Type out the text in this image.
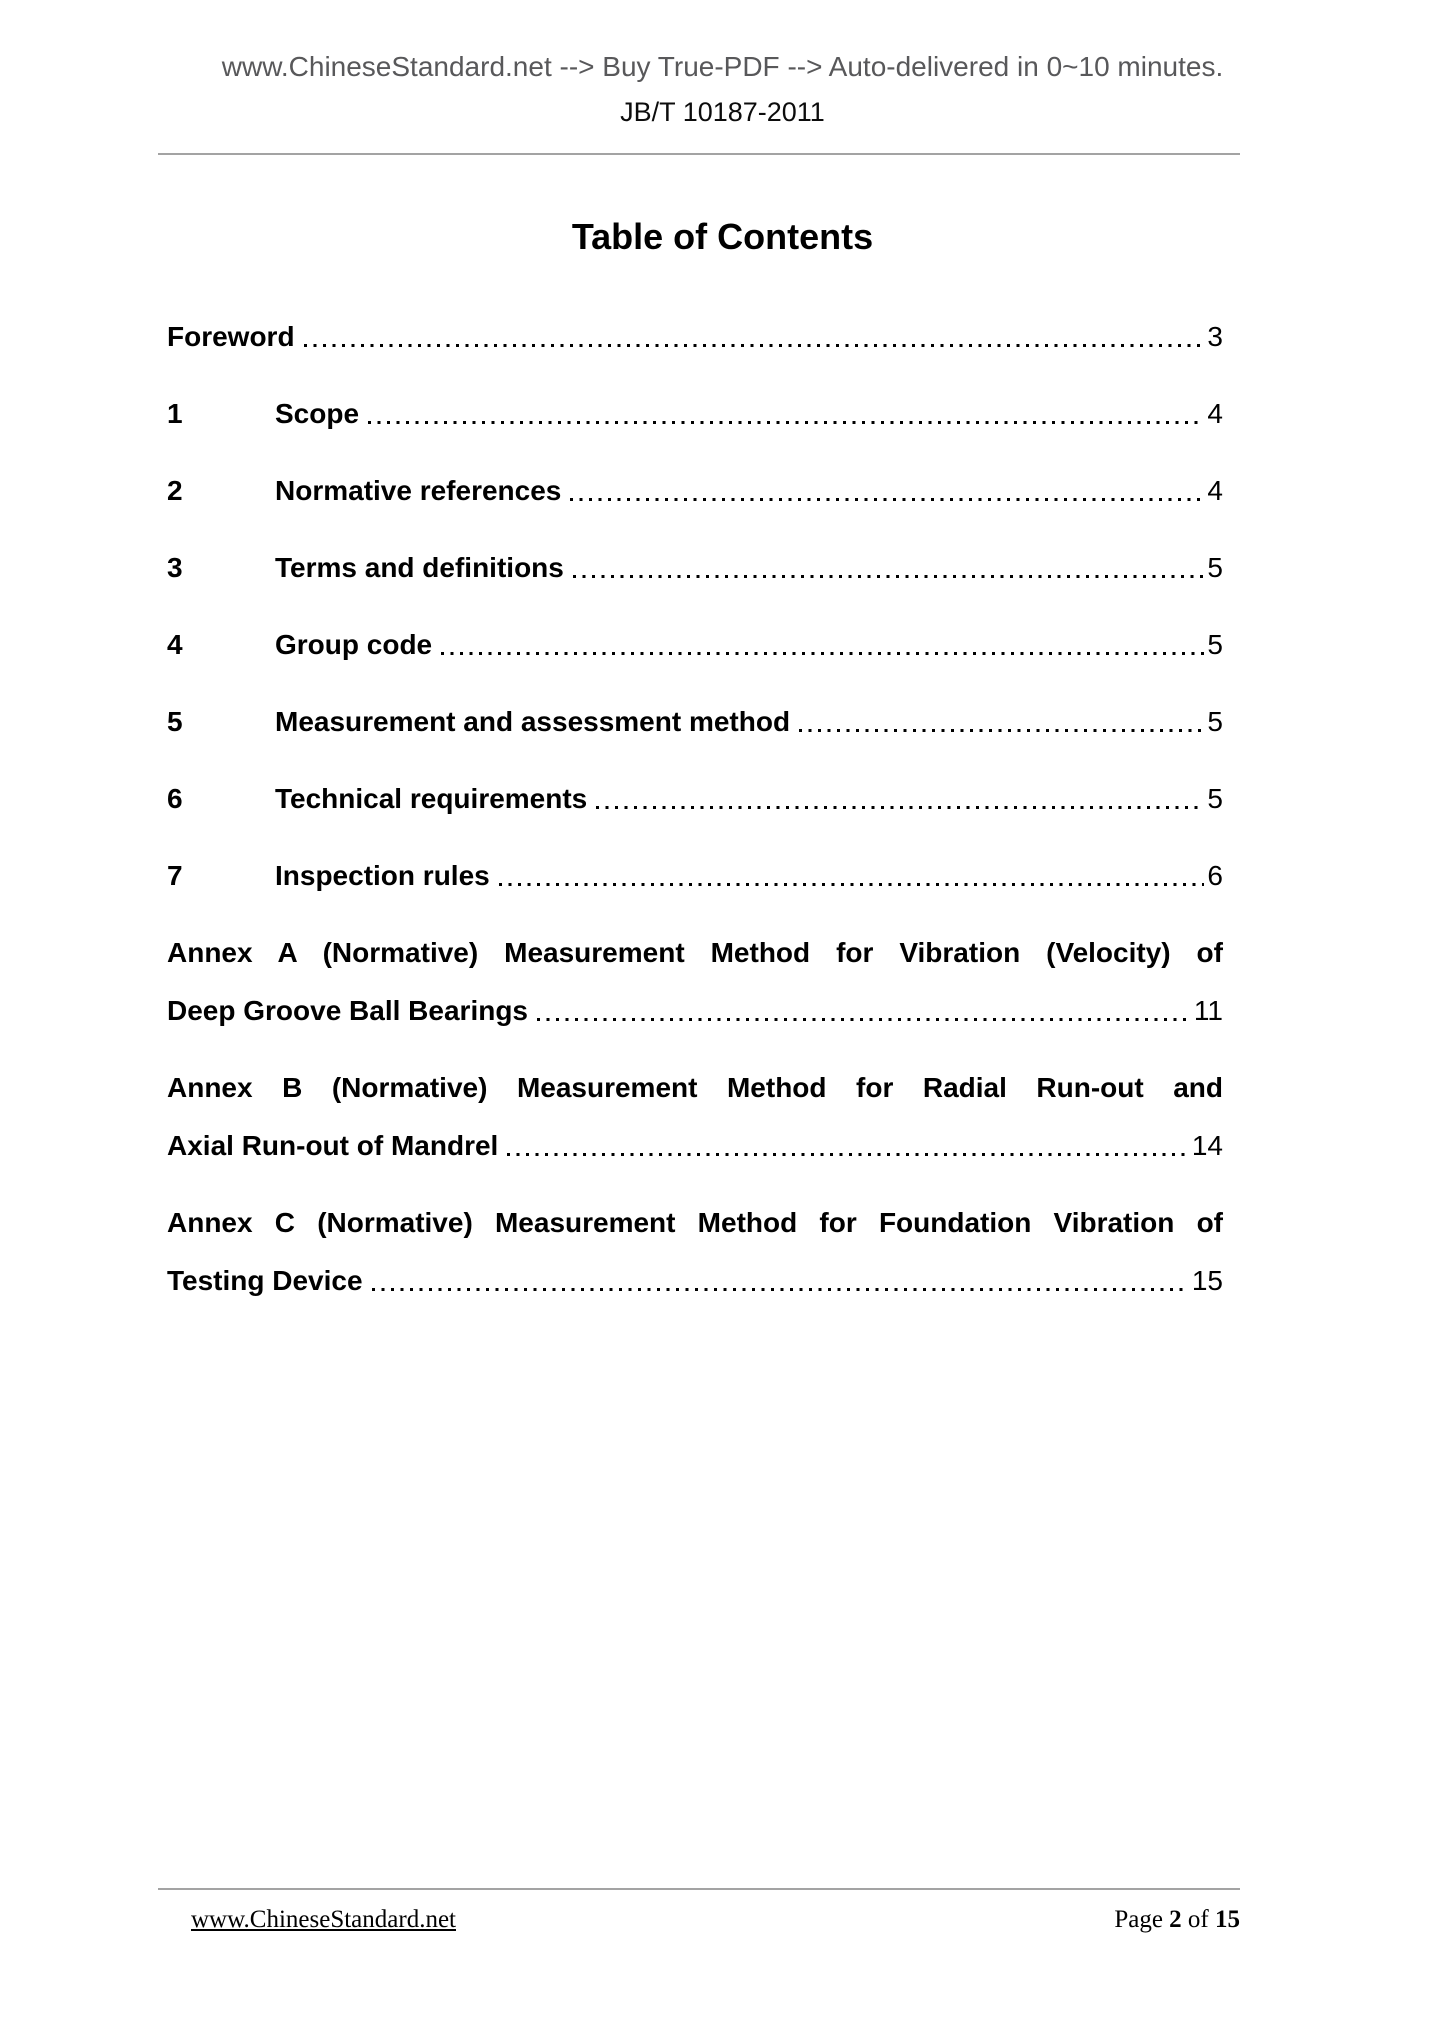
www.ChineseStandard.net --> Buy True-PDF --> Auto-delivered in 0~10 minutes.
JB/T 10187-2011
Table of Contents
Foreword	3
1	Scope	4
2	Normative references	4
3	Terms and definitions	5
4	Group code	5
5	Measurement and assessment method	5
6	Technical requirements	5
7	Inspection rules	6
Annex A (Normative) Measurement Method for Vibration (Velocity) of
Deep Groove Ball Bearings	11
Annex B (Normative) Measurement Method for Radial Run-out and
Axial Run-out of Mandrel	14
Annex C (Normative) Measurement Method for Foundation Vibration of
Testing Device	15
www.ChineseStandard.net	Page 2 of 15
